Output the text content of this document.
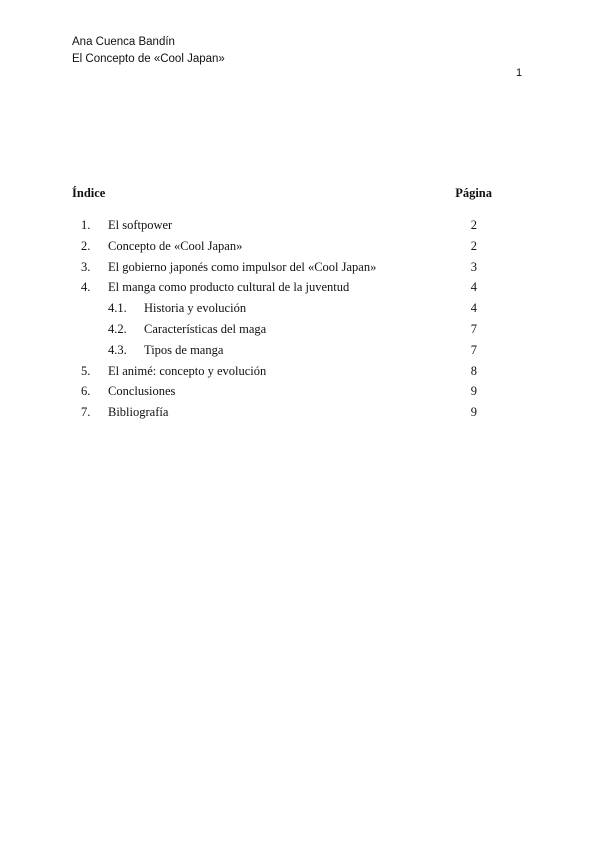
Ana Cuenca Bandín
El Concepto de «Cool Japan»
1
Índice	Página
1. El softpower	2
2. Concepto de «Cool Japan»	2
3. El gobierno japonés como impulsor del «Cool Japan»	3
4. El manga como producto cultural de la juventud	4
4.1. Historia y evolución	4
4.2. Características del maga	7
4.3. Tipos de manga	7
5. El animé: concepto y evolución	8
6. Conclusiones	9
7. Bibliografía	9
